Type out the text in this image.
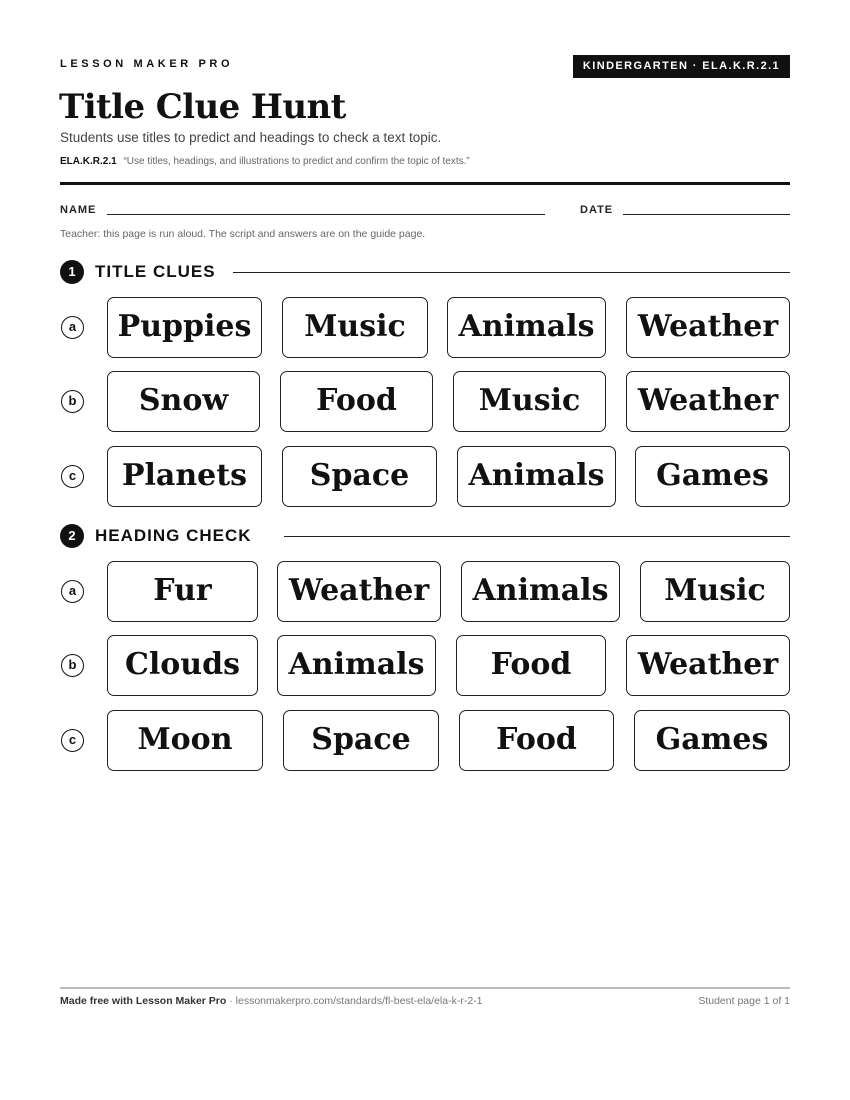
LESSON MAKER PRO	KINDERGARTEN · ELA.K.R.2.1
Title Clue Hunt
Students use titles to predict and headings to check a text topic.
ELA.K.R.2.1 “Use titles, headings, and illustrations to predict and confirm the topic of texts.”
NAME	DATE
Teacher: this page is run aloud. The script and answers are on the guide page.
1	TITLE CLUES
a	Puppies	Music	Animals	Weather
b	Snow	Food	Music	Weather
c	Planets	Space	Animals	Games
2	HEADING CHECK
a	Fur	Weather	Animals	Music
b	Clouds	Animals	Food	Weather
c	Moon	Space	Food	Games
Made free with Lesson Maker Pro · lessonmakerpro.com/standards/fl-best-ela/ela-k-r-2-1	Student page 1 of 1
